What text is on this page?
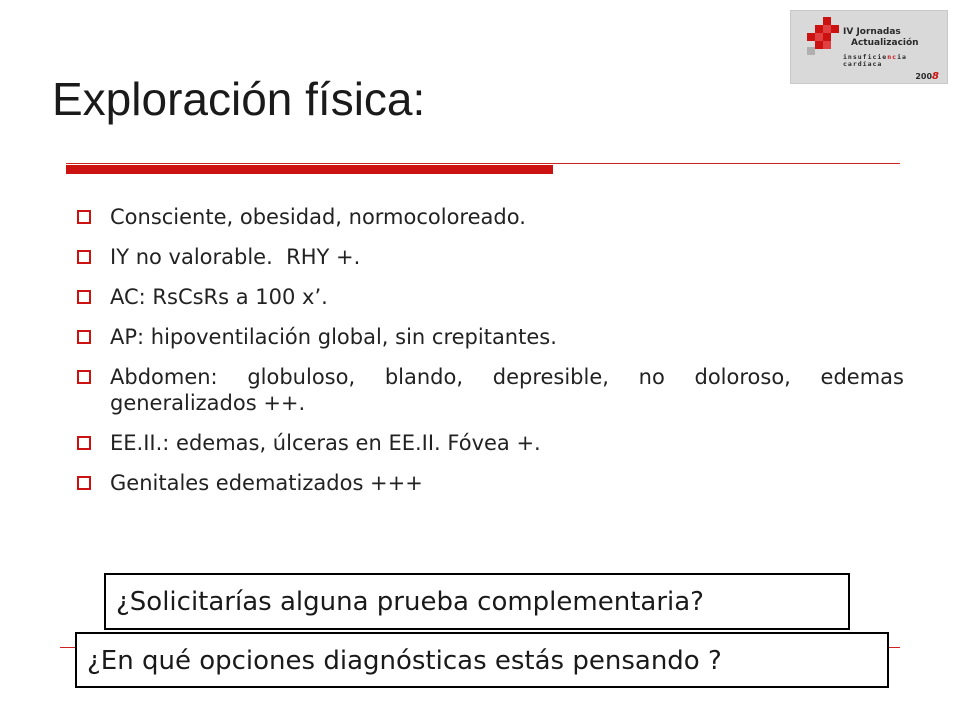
IV Jornadas
Actualización
insuficiencia cardíaca
2008
Exploración física:
Consciente, obesidad, normocoloreado.
IY no valorable.  RHY +.
AC: RsCsRs a 100 x’.
AP: hipoventilación global, sin crepitantes.
Abdomen: globuloso, blando, depresible, no doloroso, edemas generalizados ++.
EE.II.: edemas, úlceras en EE.II. Fóvea +.
Genitales edematizados +++
¿Solicitarías alguna prueba complementaria?
¿En qué opciones diagnósticas estás pensando ?
